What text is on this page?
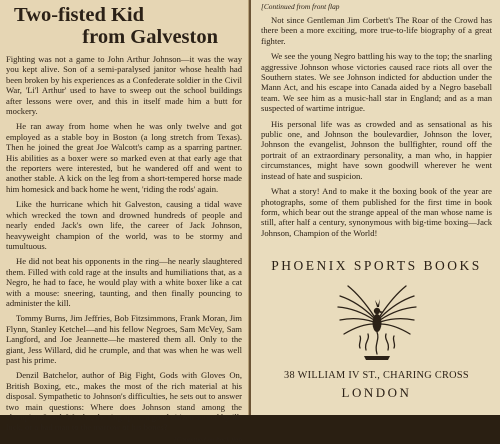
Two-fisted Kid
from Galveston

Fighting was not a game to John Arthur Johnson—it was the way you kept alive. Son of a semi-paralysed janitor whose health had been broken by his experiences as a Confederate soldier in the Civil War, 'Li'l Arthur' used to have to sweep out the school buildings after lessons were over, and this in itself made him a butt for mockery.

He ran away from home when he was only twelve and got employed as a stable boy in Boston (a long stretch from Texas). Then he joined the great Joe Walcott's camp as a sparring partner. His abilities as a boxer were so marked even at that early age that the reporters were interested, but he wandered off and went to another stable. A kick on the leg from a short-tempered horse made him homesick and back home he went, 'riding the rods' again.

Like the hurricane which hit Galveston, causing a tidal wave which wrecked the town and drowned hundreds of people and nearly ended Jack's own life, the career of Jack Johnson, heavyweight champion of the world, was to be stormy and tumultuous.

He did not beat his opponents in the ring—he nearly slaughtered them. Filled with cold rage at the insults and humiliations that, as a Negro, he had to face, he would play with a white boxer like a cat with a mouse: sneering, taunting, and then finally pouncing to administer the kill.

Tommy Burns, Jim Jeffries, Bob Fitzsimmons, Frank Moran, Jim Flynn, Stanley Ketchel—and his fellow Negroes, Sam McVey, Sam Langford, and Joe Jeannette—he mastered them all. Only to the giant, Jess Willard, did he crumple, and that was when he was well past his prime.

Denzil Batchelor, author of Big Fight, Gods with Gloves On, British Boxing, etc., makes the most of the rich material at his disposal. Sympathetic to Johnson's difficulties, he sets out to answer two main questions: Where does Johnson stand among the champions? and: Was he, the ring apart, a good citizen soured by ill-luck, or a bad man to the marrow of his bones?

[Continued on back flap
[Continued from front flap

Not since Gentleman Jim Corbett's The Roar of the Crowd has there been a more exciting, more true-to-life biography of a great fighter.

We see the young Negro battling his way to the top; the snarling aggressive Johnson whose victories caused race riots all over the Southern states. We see Johnson indicted for abduction under the Mann Act, and his escape into Canada aided by a Negro baseball team. We see him as a music-hall star in England; and as a man suspected of wartime intrigue.

His personal life was as crowded and as sensational as his public one, and Johnson the boulevardier, Johnson the lover, Johnson the evangelist, Johnson the bullfighter, round off the portrait of an extraordinary personality, a man who, in happier circumstances, might have sown goodwill wherever he went instead of hate and suspicion.

What a story! And to make it the boxing book of the year are photographs, some of them published for the first time in book form, which bear out the strange appeal of the man whose name is still, after half a century, synonymous with big-time boxing—Jack Johnson, Champion of the World!

PHOENIX SPORTS BOOKS
38 WILLIAM IV ST., CHARING CROSS
LONDON
